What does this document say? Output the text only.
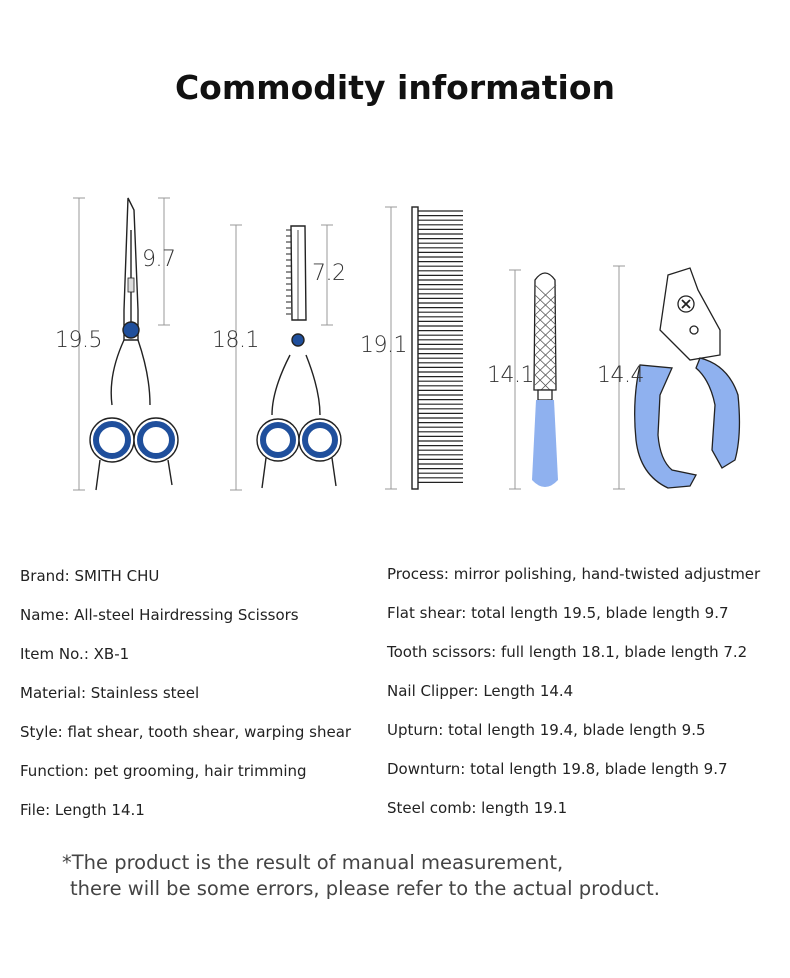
Commodity information
19.5
9.7
18.1
7.2
19.1
14.1	14.4
Brand: SMITH CHU
Name: All-steel Hairdressing Scissors
Item No.: XB-1
Material: Stainless steel
Style: flat shear, tooth shear, warping shear
Function: pet grooming, hair trimming
File: Length 14.1
Process: mirror polishing, hand-twisted adjustmer
Flat shear: total length 19.5, blade length 9.7
Tooth scissors: full length 18.1, blade length 7.2
Nail Clipper: Length 14.4
Upturn: total length 19.4, blade length 9.5
Downturn: total length 19.8, blade length 9.7
Steel comb: length 19.1
*The product is the result of manual measurement,
there will be some errors, please refer to the actual product.
